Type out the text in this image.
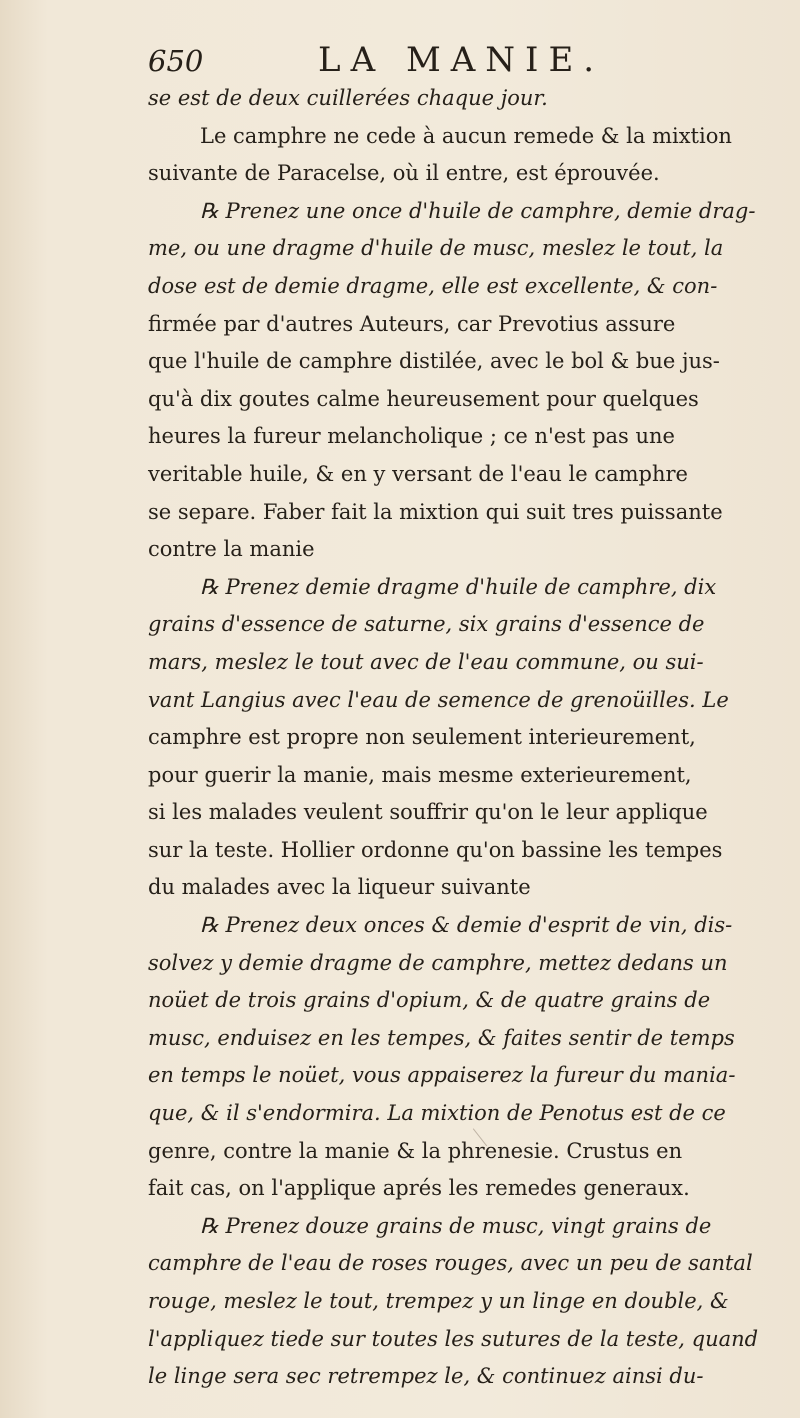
650	LA MANIE.
se est de deux cuillerées chaque jour.
Le camphre ne cede à aucun remede & la mixtion
suivante de Paracelse, où il entre, est éprouvée.
℞ Prenez une once d'huile de camphre, demie drag-
me, ou une dragme d'huile de musc, meslez le tout, la
dose est de demie dragme, elle est excellente, & con-
firmée par d'autres Auteurs, car Prevotius assure
que l'huile de camphre distilée, avec le bol & bue jus-
qu'à dix goutes calme heureusement pour quelques
heures la fureur melancholique ; ce n'est pas une
veritable huile, & en y versant de l'eau le camphre
se separe. Faber fait la mixtion qui suit tres puissante
contre la manie
℞ Prenez demie dragme d'huile de camphre, dix
grains d'essence de saturne, six grains d'essence de
mars, meslez le tout avec de l'eau commune, ou sui-
vant Langius avec l'eau de semence de grenoüilles. Le
camphre est propre non seulement interieurement,
pour guerir la manie, mais mesme exterieurement,
si les malades veulent souffrir qu'on le leur applique
sur la teste. Hollier ordonne qu'on bassine les tempes
du malades avec la liqueur suivante
℞ Prenez deux onces & demie d'esprit de vin, dis-
solvez y demie dragme de camphre, mettez dedans un
noüet de trois grains d'opium, & de quatre grains de
musc, enduisez en les tempes, & faites sentir de temps
en temps le noüet, vous appaiserez la fureur du mania-
que, & il s'endormira. La mixtion de Penotus est de ce
genre, contre la manie & la phrenesie. Crustus en
fait cas, on l'applique aprés les remedes generaux.
℞ Prenez douze grains de musc, vingt grains de
camphre de l'eau de roses rouges, avec un peu de santal
rouge, meslez le tout, trempez y un linge en double, &
l'appliquez tiede sur toutes les sutures de la teste, quand
le linge sera sec retrempez le, & continuez ainsi du-
